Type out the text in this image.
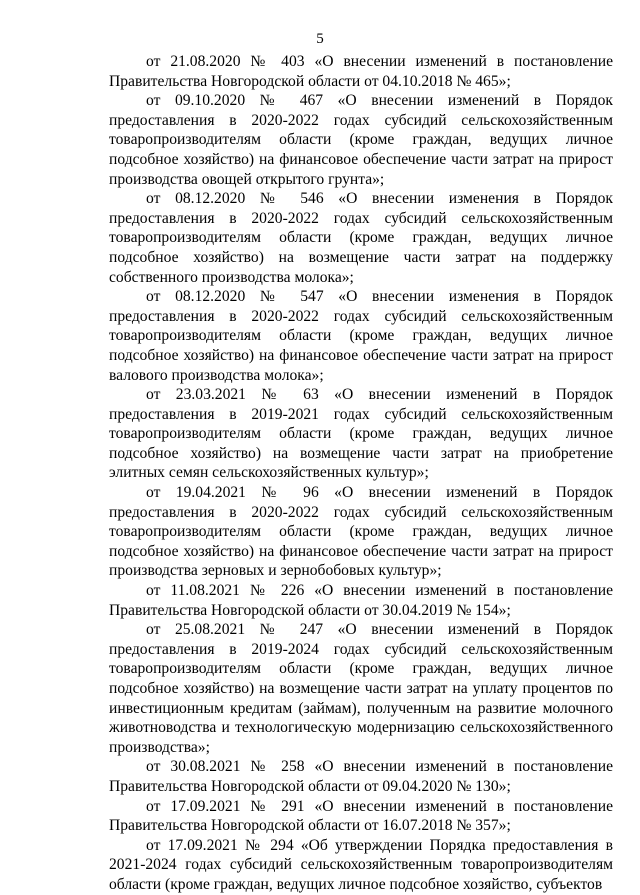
5

от 21.08.2020 № 403 «О внесении изменений в постановление Правительства Новгородской области от 04.10.2018 № 465»;

от 09.10.2020 № 467 «О внесении изменений в Порядок предоставления в 2020-2022 годах субсидий сельскохозяйственным товаропроизводителям области (кроме граждан, ведущих личное подсобное хозяйство) на финансовое обеспечение части затрат на прирост производства овощей открытого грунта»;

от 08.12.2020 № 546 «О внесении изменения в Порядок предоставления в 2020-2022 годах субсидий сельскохозяйственным товаропроизводителям области (кроме граждан, ведущих личное подсобное хозяйство) на возмещение части затрат на поддержку собственного производства молока»;

от 08.12.2020 № 547 «О внесении изменения в Порядок предоставления в 2020-2022 годах субсидий сельскохозяйственным товаропроизводителям области (кроме граждан, ведущих личное подсобное хозяйство) на финансовое обеспечение части затрат на прирост валового производства молока»;

от 23.03.2021 № 63 «О внесении изменений в Порядок предоставления в 2019-2021 годах субсидий сельскохозяйственным товаропроизводителям области (кроме граждан, ведущих личное подсобное хозяйство) на возмещение части затрат на приобретение элитных семян сельскохозяйственных культур»;

от 19.04.2021 № 96 «О внесении изменений в Порядок предоставления в 2020-2022 годах субсидий сельскохозяйственным товаропроизводителям области (кроме граждан, ведущих личное подсобное хозяйство) на финансовое обеспечение части затрат на прирост производства зерновых и зернобобовых культур»;

от 11.08.2021 № 226 «О внесении изменений в постановление Правительства Новгородской области от 30.04.2019 № 154»;

от 25.08.2021 № 247 «О внесении изменений в Порядок предоставления в 2019-2024 годах субсидий сельскохозяйственным товаропроизводителям области (кроме граждан, ведущих личное подсобное хозяйство) на возмещение части затрат на уплату процентов по инвестиционным кредитам (займам), полученным на развитие молочного животноводства и технологическую модернизацию сельскохозяйственного производства»;

от 30.08.2021 № 258 «О внесении изменений в постановление Правительства Новгородской области от 09.04.2020 № 130»;

от 17.09.2021 № 291 «О внесении изменений в постановление Правительства Новгородской области от 16.07.2018 № 357»;

от 17.09.2021 № 294 «Об утверждении Порядка предоставления в 2021-2024 годах субсидий сельскохозяйственным товаропроизводителям области (кроме граждан, ведущих личное подсобное хозяйство, субъектов
